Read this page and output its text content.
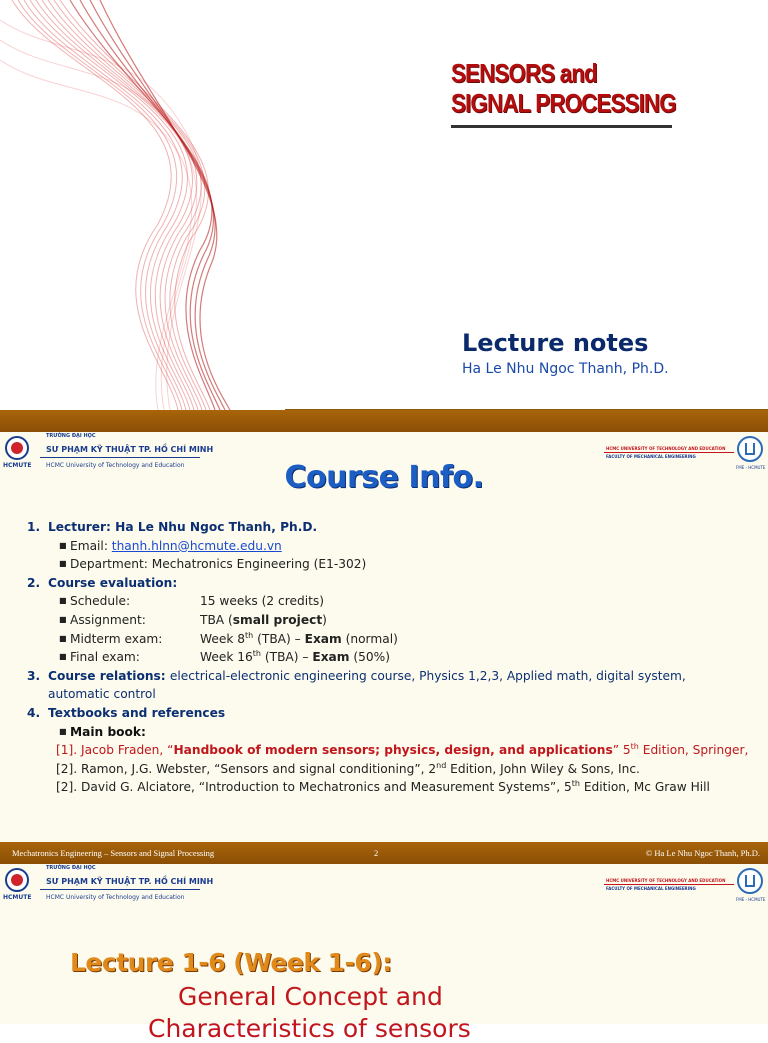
SENSORS and
SIGNAL PROCESSING
Lecture notes
Ha Le Nhu Ngoc Thanh, Ph.D.
HCMUTE
TRƯỜNG ĐẠI HỌC
SƯ PHẠM KỸ THUẬT TP. HỒ CHÍ MINH
HCMC University of Technology and Education
HCMC UNIVERSITY OF TECHNOLOGY AND EDUCATION
FACULTY OF MECHANICAL ENGINEERING
FME - HCMUTE
Course Info.
1. Lecturer: Ha Le Nhu Ngoc Thanh, Ph.D.
■ Email: thanh.hlnn@hcmute.edu.vn
■ Department: Mechatronics Engineering (E1-302)
2. Course evaluation:
■ Schedule:	15 weeks (2 credits)
■ Assignment:	TBA (small project)
■ Midterm exam:	Week 8th (TBA) – Exam (normal)
■ Final exam:	Week 16th (TBA) – Exam (50%)
3. Course relations: electrical-electronic engineering course, Physics 1,2,3, Applied math, digital system,
automatic control
4. Textbooks and references
■ Main book:
[1]. Jacob Fraden, “Handbook of modern sensors; physics, design, and applications” 5th Edition, Springer,
[2]. Ramon, J.G. Webster, “Sensors and signal conditioning”, 2nd Edition, John Wiley & Sons, Inc.
[2]. David G. Alciatore, “Introduction to Mechatronics and Measurement Systems”, 5th Edition, Mc Graw Hill
Mechatronics Engineering – Sensors and Signal Processing	2	© Ha Le Nhu Ngoc Thanh, Ph.D.
HCMUTE
TRƯỜNG ĐẠI HỌC
SƯ PHẠM KỸ THUẬT TP. HỒ CHÍ MINH
HCMC University of Technology and Education
HCMC UNIVERSITY OF TECHNOLOGY AND EDUCATION
FACULTY OF MECHANICAL ENGINEERING
FME - HCMUTE
Lecture 1-6 (Week 1-6):
General Concept and
Characteristics of sensors
